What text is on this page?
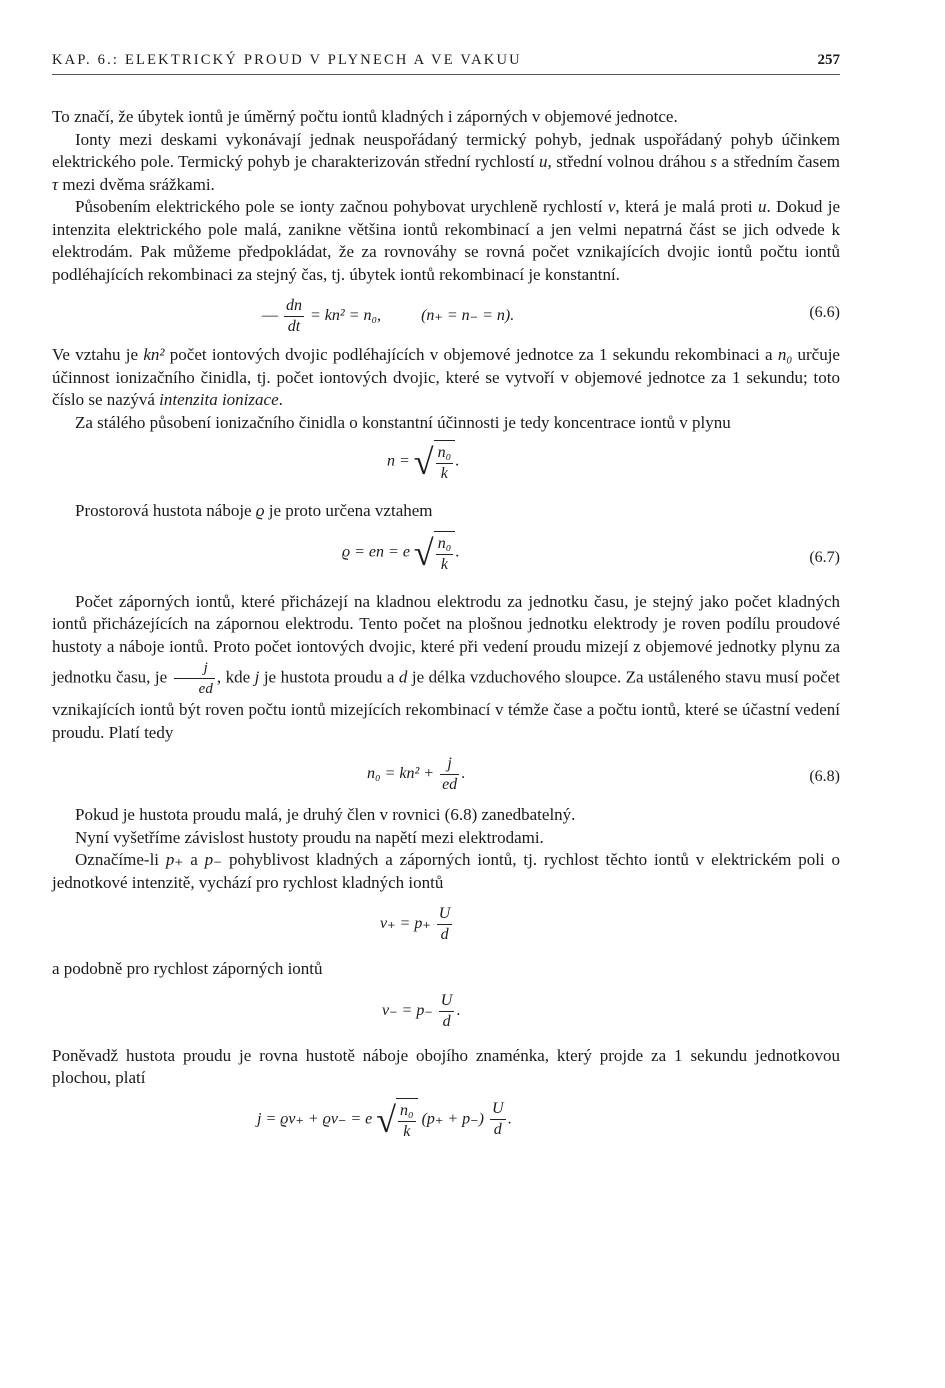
KAP. 6.: ELEKTRICKÝ PROUD V PLYNECH A VE VAKUU	257

To značí, že úbytek iontů je úměrný počtu iontů kladných i záporných v objemové jednotce.

Ionty mezi deskami vykonávají jednak neuspořádaný termický pohyb, jednak uspořádaný pohyb účinkem elektrického pole. Termický pohyb je charakterizován střední rychlostí u, střední volnou dráhou s a středním časem τ mezi dvěma srážkami.

Působením elektrického pole se ionty začnou pohybovat urychleně rychlostí v, která je malá proti u. Dokud je intenzita elektrického pole malá, zanikne většina iontů rekombinací a jen velmi nepatrná část se jich odvede k elektrodám. Pak můžeme předpokládat, že za rovnováhy se rovná počet vznikajících dvojic iontů počtu iontů podléhajících rekombinaci za stejný čas, tj. úbytek iontů rekombinací je konstantní.

— $\frac{dn}{dt} = kn^2 = n_0$,	(n₊ = n₋ = n).	(6.6)

Ve vztahu je kn² počet iontových dvojic podléhajících v objemové jednotce za 1 sekundu rekombinaci a n₀ určuje účinnost ionizačního činidla, tj. počet iontových dvojic, které se vytvoří v objemové jednotce za 1 sekundu; toto číslo se nazývá intenzita ionizace.

Za stálého působení ionizačního činidla o konstantní účinnosti je tedy koncentrace iontů v plynu

n = √ $\frac{\text{n₀}}{k}$ .

Prostorová hustota náboje ϱ je proto určena vztahem

ϱ = en = e √ $\frac{\text{n₀}}{k}$ .	(6.7)

Počet záporných iontů, které přicházejí na kladnou elektrodu za jednotku času, je stejný jako počet kladných iontů přicházejících na zápornou elektrodu. Tento počet na plošnou jednotku elektrody je roven podílu proudové hustoty a náboje iontů. Proto počet iontových dvojic, které při vedení proudu mizejí z objemové jednotky plynu za jednotku času, je $\frac{j}{ed}$ , kde j je hustota proudu a d je délka vzduchového sloupce. Za ustáleného stavu musí počet vznikajících iontů být roven počtu iontů mizejících rekombinací v témže čase a počtu iontů, které se účastní vedení proudu. Platí tedy

$n_0 = kn^2 + \frac{j}{ed}$ .	(6.8)

Pokud je hustota proudu malá, je druhý člen v rovnici (6.8) zanedbatelný.

Nyní vyšetříme závislost hustoty proudu na napětí mezi elektrodami.

Označíme-li p₊ a p₋ pohyblivost kladných a záporných iontů, tj. rychlost těchto iontů v elektrickém poli o jednotkové intenzitě, vychází pro rychlost kladných iontů

$v_+ = p_+ \frac{U}{d}$

a podobně pro rychlost záporných iontů

$v_- = p_- \frac{U}{d}$ .

Poněvadž hustota proudu je rovna hustotě náboje obojího znaménka, který projde za 1 sekundu jednotkovou plochou, platí

j = ϱv₊ + ϱv₋ = e √ $\frac{\text{n₀}}{k} (p_+ + p_-) \frac{U}{d}$ .
